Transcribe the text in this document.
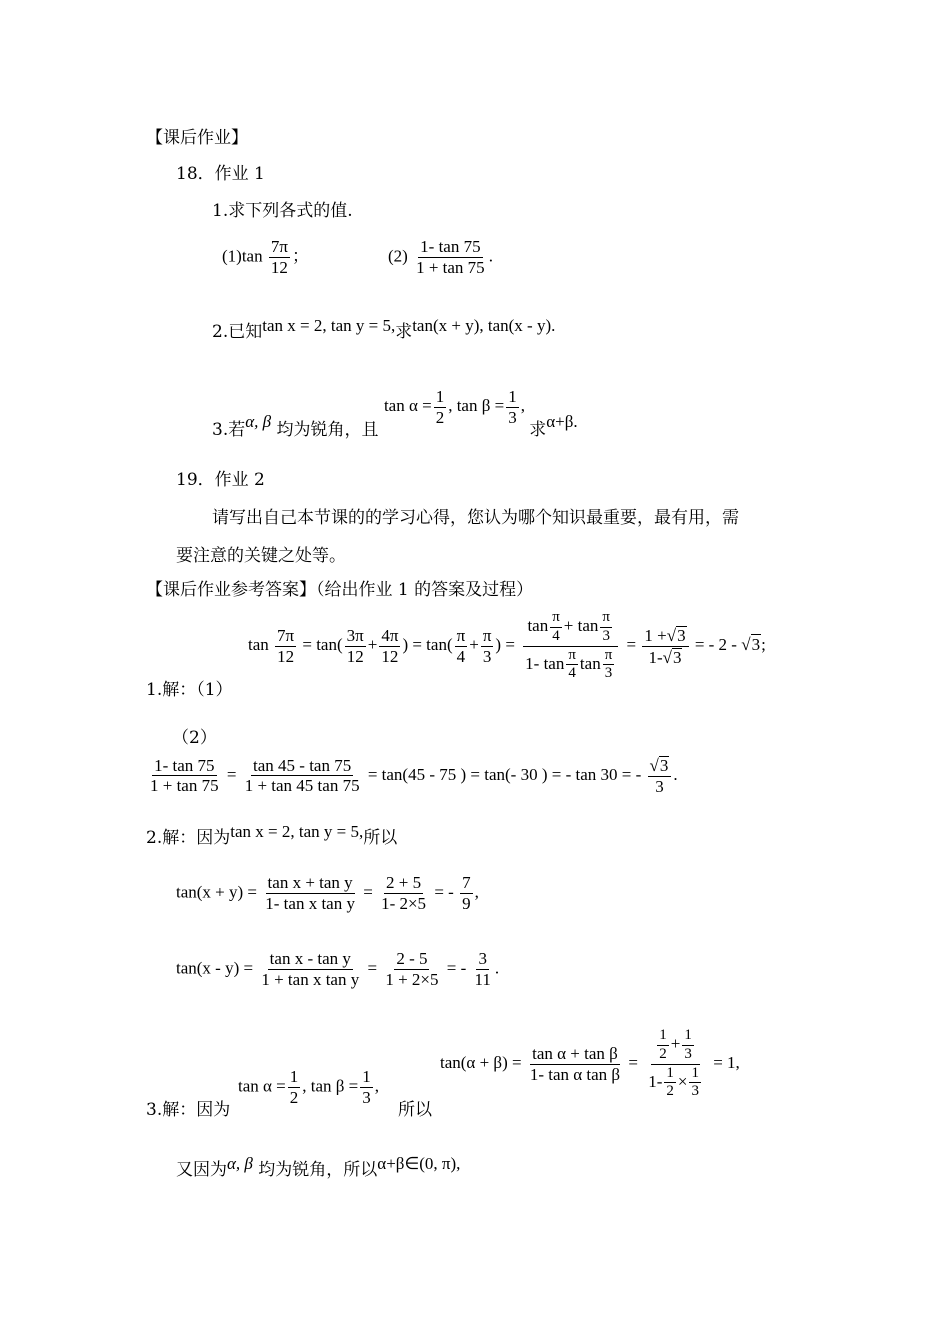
【课后作业】
18．作业 1
1.求下列各式的值.
$(1)\tan \frac{7\pi}{12}$ ；	$(2) \frac{1- \tan 75}{1 + \tan 75}$ .
2.已知tan x = 2, tan y = 5,求tan(x + y), tan(x - y).
3.若α, β 均为锐角，且 $\tan \alpha = \frac{1}{2}$ , $\tan \beta = \frac{1}{3}$ , 求α+β.
19．作业 2
请写出自己本节课的的学习心得，您认为哪个知识最重要，最有用，需
要注意的关键之处等。
【课后作业参考答案】（给出作业 1 的答案及过程）
$\tan \frac{7\pi}{12} = \tan( \frac{3\pi}{12} + \frac{4\pi}{12}$ ) = $\tan( \frac{\pi}{4} + \frac{\pi}{3}$ ) = $\frac{\tan \frac{\pi}{4} + \tan \frac{\pi}{3}}{1- \tan \frac{\pi}{4} \tan \frac{\pi}{3}} = \frac{1 + √ 3}{1- √ 3}$ = - 2 - √ 3 ;
1.解：（1）
（2）
$\frac{1- \tan 75}{1 + \tan 75} = \frac{\tan 45 - \tan 75}{1 + \tan 45 \tan 75} = \tan(45 - 75$ ) = tan(- 30 ) = - tan 30 = - $\frac{√ 3}{3}$ .
2.解：因为tan x = 2, tan y = 5,所以
$\tan(x + y) = \frac{\text{tan x + tan y}}{\text{1- tan x tan y}} = \frac{2 + 5}{1- 2\times 5}$ = - $\frac{7}{9}$ ,
$\tan(x - y) = \frac{\text{tan x - tan y}}{\text{1 + tan x tan y}} = \frac{2 - 5}{1 + 2\times 5}$ = - $\frac{3}{11}$ .
3.解：因为
$\tan \alpha = \frac{1}{2}$ , $\tan \beta = \frac{1}{3}$ ,
所以
$\tan(\alpha + \beta) = \frac{\text{tan α + tan β}}{\text{1- tan α tan β}} = \frac{\frac{1}{2} + \frac{1}{3}}{1- \frac{1}{2} \times \frac{1}{3}} = 1$,
又因为α, β 均为锐角，所以α+β∈(0, π),
